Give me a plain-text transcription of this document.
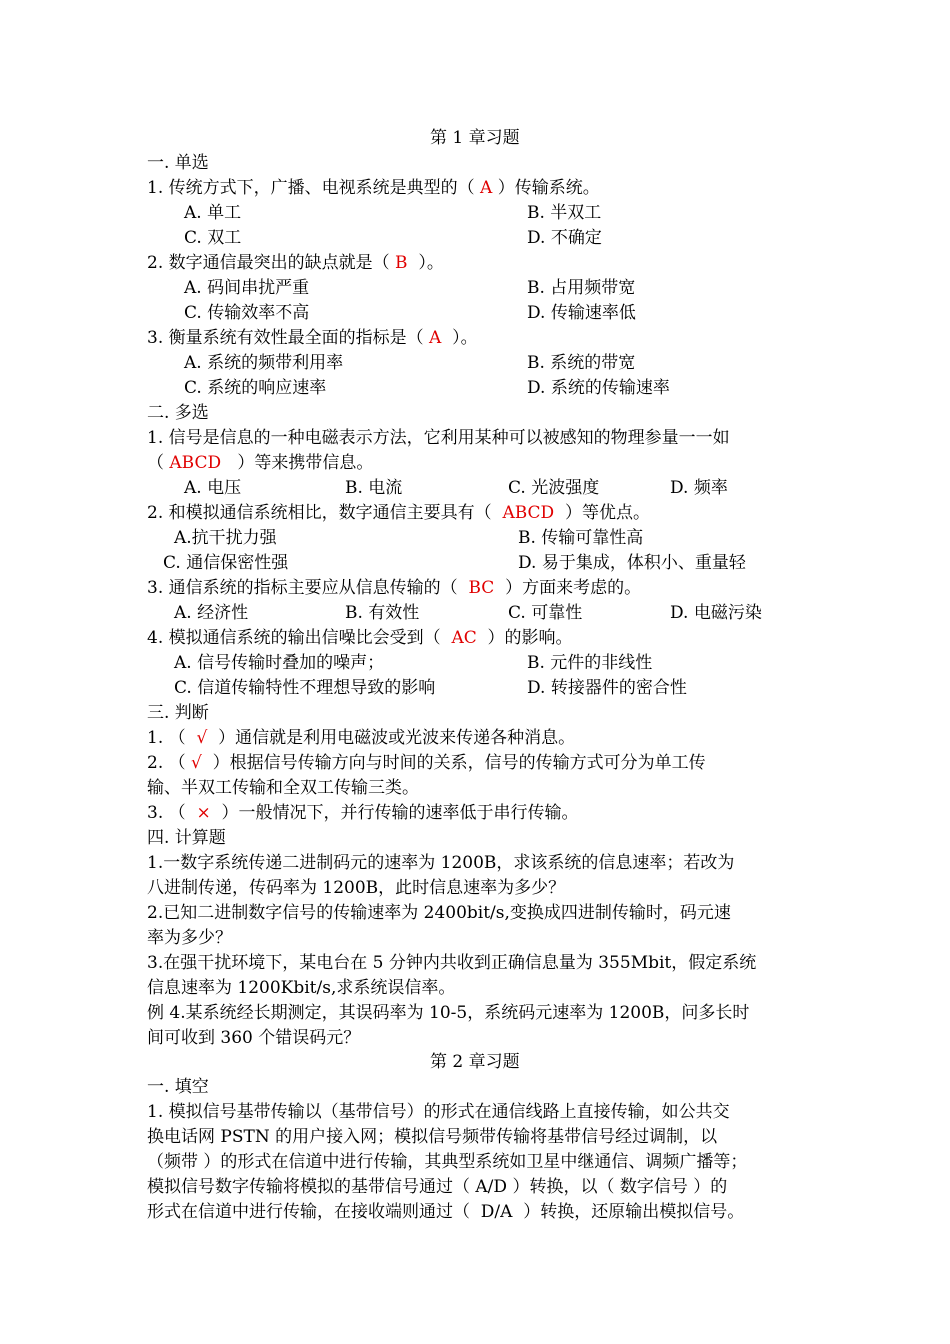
第 1 章习题
一. 单选
1. 传统方式下，广播、电视系统是典型的（ A ）传输系统。
A. 单工	B. 半双工
C. 双工	D. 不确定
2. 数字通信最突出的缺点就是（ B  ）。
A. 码间串扰严重	B. 占用频带宽
C. 传输效率不高	D. 传输速率低
3. 衡量系统有效性最全面的指标是（ A  ）。
A. 系统的频带利用率	B. 系统的带宽
C. 系统的响应速率	D. 系统的传输速率
二. 多选
1. 信号是信息的一种电磁表示方法，它利用某种可以被感知的物理参量一一如
（ ABCD   ）等来携带信息。
A. 电压	B. 电流	C. 光波强度	D. 频率
2. 和模拟通信系统相比，数字通信主要具有（  ABCD  ）等优点。
A.抗干扰力强	B. 传输可靠性高
C. 通信保密性强	D. 易于集成，体积小、重量轻
3. 通信系统的指标主要应从信息传输的（  BC  ）方面来考虑的。
A. 经济性	B. 有效性	C. 可靠性	D. 电磁污染
4. 模拟通信系统的输出信噪比会受到（  AC  ）的影响。
A. 信号传输时叠加的噪声；	B. 元件的非线性
C. 信道传输特性不理想导致的影响	D. 转接器件的密合性
三. 判断
1. （  √  ）通信就是利用电磁波或光波来传递各种消息。
2. （ √  ）根据信号传输方向与时间的关系，信号的传输方式可分为单工传
输、半双工传输和全双工传输三类。
3. （  ×  ）一般情况下，并行传输的速率低于串行传输。
四. 计算题
1.一数字系统传递二进制码元的速率为 1200B，求该系统的信息速率；若改为
八进制传递，传码率为 1200B，此时信息速率为多少？
2.已知二进制数字信号的传输速率为 2400bit/s,变换成四进制传输时，码元速
率为多少？
3.在强干扰环境下，某电台在 5 分钟内共收到正确信息量为 355Mbit，假定系统
信息速率为 1200Kbit/s,求系统误信率。
例 4.某系统经长期测定，其误码率为 10-5，系统码元速率为 1200B，问多长时
间可收到 360 个错误码元？
第 2 章习题
一. 填空
1. 模拟信号基带传输以（基带信号）的形式在通信线路上直接传输，如公共交
换电话网 PSTN 的用户接入网；模拟信号频带传输将基带信号经过调制，以
（频带 ）的形式在信道中进行传输，其典型系统如卫星中继通信、调频广播等；
模拟信号数字传输将模拟的基带信号通过（ A/D ）转换，以（ 数字信号 ）的
形式在信道中进行传输，在接收端则通过（  D/A  ）转换，还原输出模拟信号。
